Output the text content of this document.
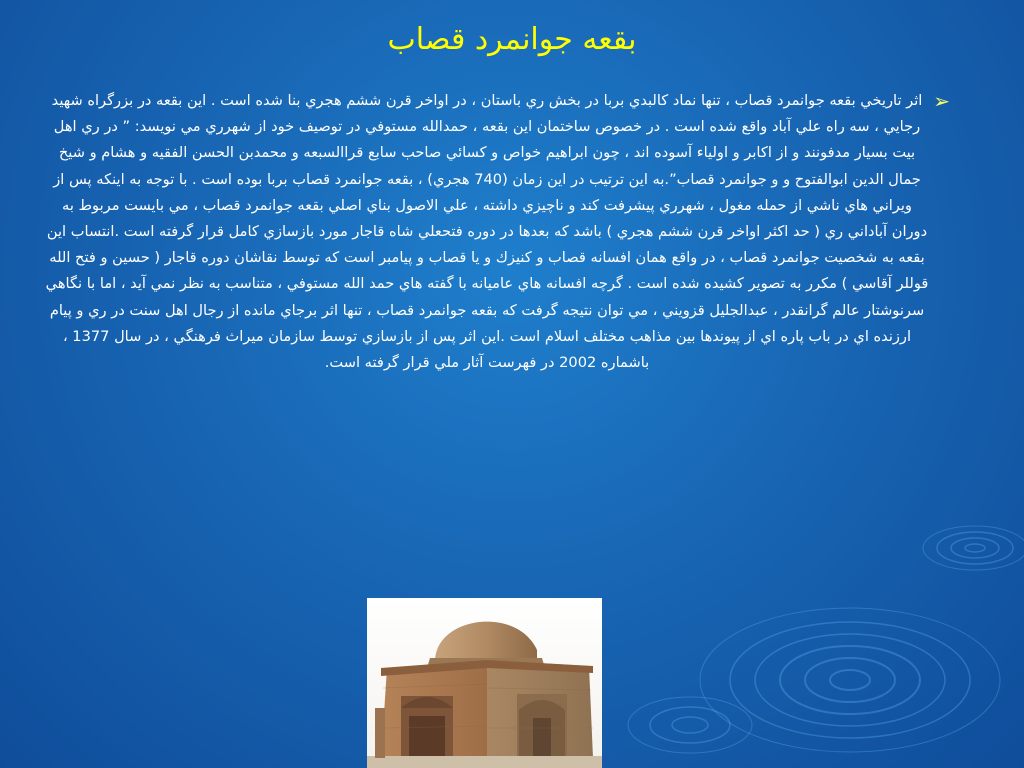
بقعه جوانمرد قصاب
➢

اثر تاريخي بقعه جوانمرد قصاب ، تنها نماد كالبدي بربا در بخش ري باستان ، در اواخر قرن ششم هجري بنا شده است . اين بقعه در بزرگراه شهيد رجايي ، سه راه علي آباد واقع شده است . در خصوص ساختمان اين بقعه ، حمدالله مستوفي در توصيف خود از شهرري مي نويسد: ” در ري اهل بيت بسيار مدفونند و از اكابر و اولياء آسوده اند ، چون ابراهيم خواص و كسائي صاحب سابع قراالسبعه و محمدبن الحسن الفقيه و هشام و شيخ جمال الدين ابوالفتوح و و جوانمرد قصاب”.به اين ترتيب در اين زمان (740 هجري) ، بقعه جوانمرد قصاب بربا بوده است . با توجه به اينكه پس از ويراني هاي ناشي از حمله مغول ، شهرري پيشرفت كند و ناچيزي داشته ، علي الاصول بناي اصلي بقعه جوانمرد قصاب ، مي بايست مربوط به دوران آباداني ري ( حد اكثر اواخر قرن ششم هجري ) باشد كه بعدها در دوره فتحعلي شاه قاجار مورد بازسازي كامل قرار گرفته است .انتساب اين بقعه به شخصيت جوانمرد قصاب ، در واقع همان افسانه قصاب و كنيزك و يا قصاب و پيامبر است كه توسط نقاشان دوره قاجار ( حسين و فتح الله قوللر آقاسي ) مكرر به تصوير كشيده شده است . گرچه افسانه هاي عاميانه با گفته هاي حمد الله مستوفي ، متناسب به نظر نمي آيد ، اما با نگاهي سرنوشتار عالم گرانقدر ، عبدالجليل قزويني ، مي توان نتيجه گرفت كه بقعه جوانمرد قصاب ، تنها اثر برجاي مانده از رجال اهل سنت در ري و پيام ارزنده اي در باب پاره اي از پيوندها بين مذاهب مختلف اسلام است .اين اثر پس از بازسازي توسط سازمان ميراث فرهنگي ، در سال 1377 ، باشماره 2002 در فهرست آثار ملي قرار گرفته است.
